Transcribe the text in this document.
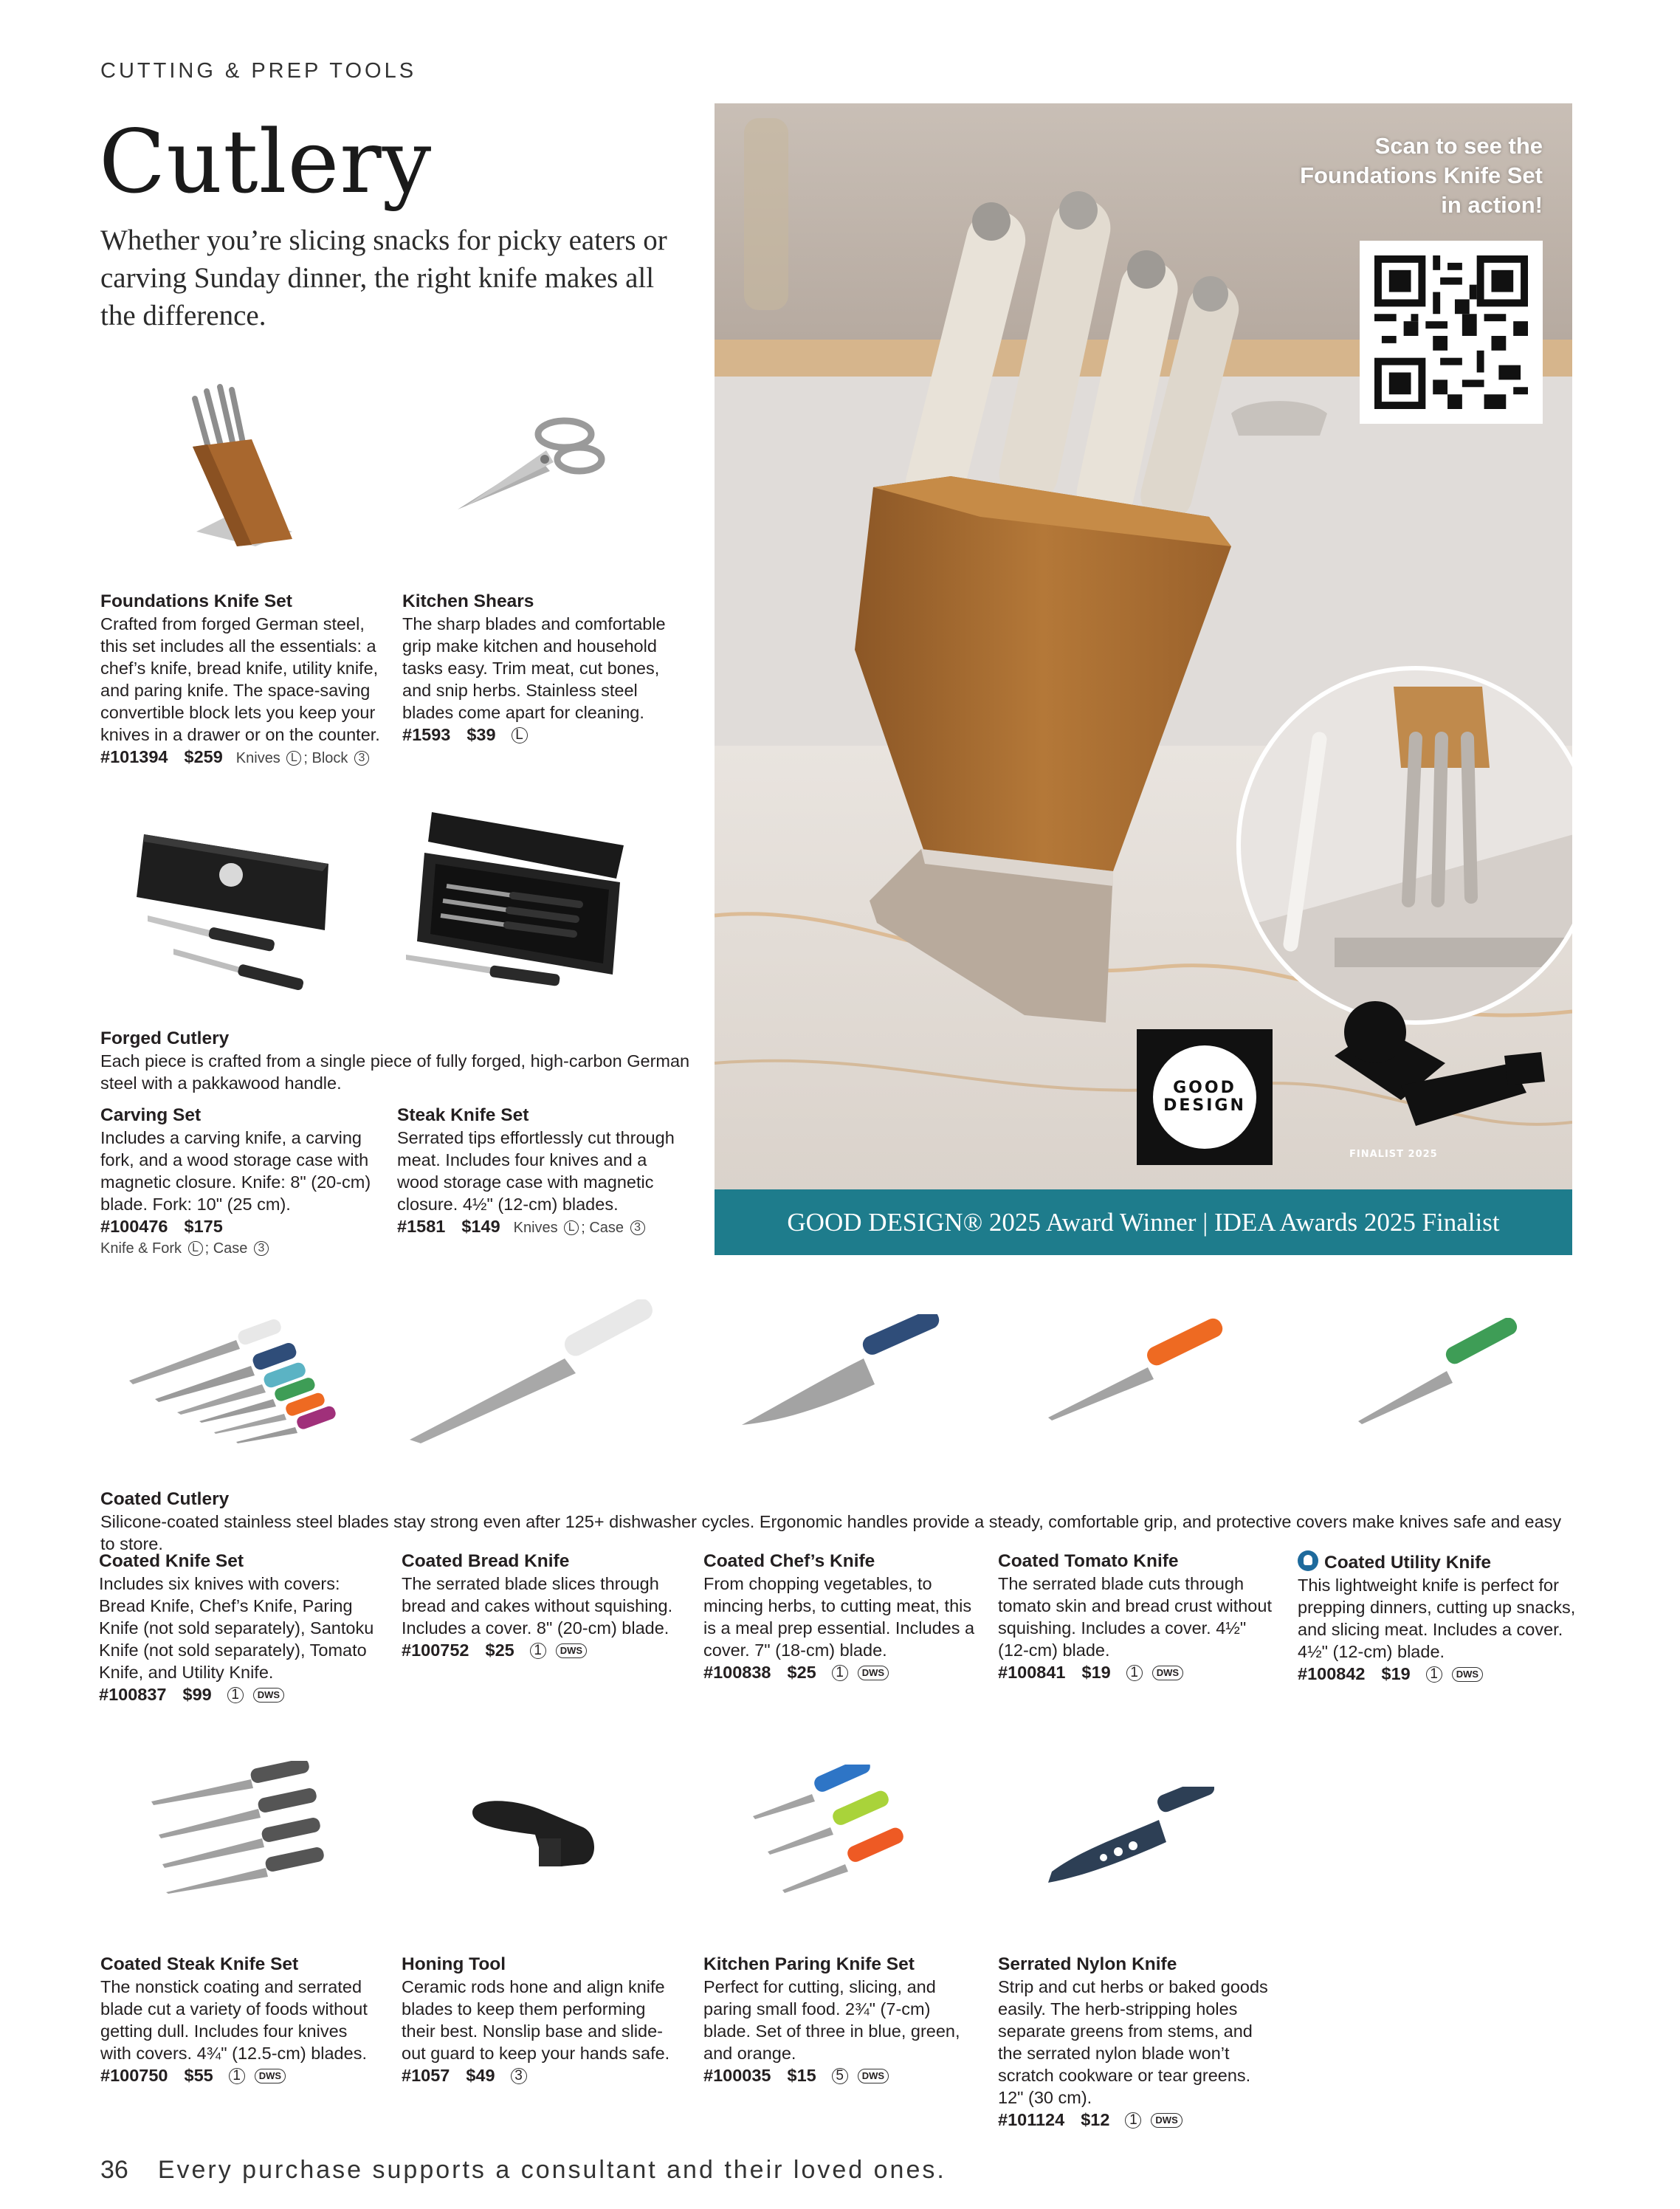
CUTTING & PREP TOOLS
Cutlery
Whether you’re slicing snacks for picky eaters or carving Sunday dinner, the right knife makes all the difference.
Foundations Knife Set
Crafted from forged German steel, this set includes all the essentials: a chef’s knife, bread knife, utility knife, and paring knife. The space-saving convertible block lets you keep your knives in a drawer or on the counter.
#101394 $259 Knives L ; Block 3
Kitchen Shears
The sharp blades and comfortable grip make kitchen and household tasks easy. Trim meat, cut bones, and snip herbs. Stainless steel blades come apart for cleaning.
#1593 $39 L
Forged Cutlery
Each piece is crafted from a single piece of fully forged, high-carbon German steel with a pakkawood handle.
Carving Set
Includes a carving knife, a carving fork, and a wood storage case with magnetic closure. Knife: 8" (20-cm) blade. Fork: 10" (25 cm).
#100476 $175
Knife & Fork L ; Case 3
Steak Knife Set
Serrated tips effortlessly cut through meat. Includes four knives and a wood storage case with magnetic closure. 4½" (12-cm) blades.
#1581 $149 Knives L ; Case 3
Scan to see the
Foundations Knife Set
in action!
GOOD
DESIGN
FINALIST 2025
GOOD DESIGN® 2025 Award Winner | IDEA Awards 2025 Finalist
Coated Cutlery
Silicone-coated stainless steel blades stay strong even after 125+ dishwasher cycles. Ergonomic handles provide a steady, comfortable grip, and protective covers make knives safe and easy to store.
Coated Knife Set
Includes six knives with covers: Bread Knife, Chef’s Knife, Paring Knife (not sold separately), Santoku Knife (not sold separately), Tomato Knife, and Utility Knife.
#100837 $99 1 DWS
Coated Bread Knife
The serrated blade slices through bread and cakes without squishing. Includes a cover. 8" (20-cm) blade.
#100752 $25 1 DWS
Coated Chef’s Knife
From chopping vegetables, to mincing herbs, to cutting meat, this is a meal prep essential. Includes a cover. 7" (18-cm) blade.
#100838 $25 1 DWS
Coated Tomato Knife
The serrated blade cuts through tomato skin and bread crust without squishing. Includes a cover. 4½" (12-cm) blade.
#100841 $19 1 DWS
Coated Utility Knife
This lightweight knife is perfect for prepping dinners, cutting up snacks, and slicing meat. Includes a cover. 4½" (12-cm) blade.
#100842 $19 1 DWS
Coated Steak Knife Set
The nonstick coating and serrated blade cut a variety of foods without getting dull. Includes four knives with covers. 4¾" (12.5-cm) blades.
#100750 $55 1 DWS
Honing Tool
Ceramic rods hone and align knife blades to keep them performing their best. Nonslip base and slide-out guard to keep your hands safe.
#1057 $49 3
Kitchen Paring Knife Set
Perfect for cutting, slicing, and paring small food. 2¾" (7-cm) blade. Set of three in blue, green, and orange.
#100035 $15 5 DWS
Serrated Nylon Knife
Strip and cut herbs or baked goods easily. The herb-stripping holes separate greens from stems, and the serrated nylon blade won’t scratch cookware or tear greens. 12" (30 cm).
#101124 $12 1 DWS
36 Every purchase supports a consultant and their loved ones.
